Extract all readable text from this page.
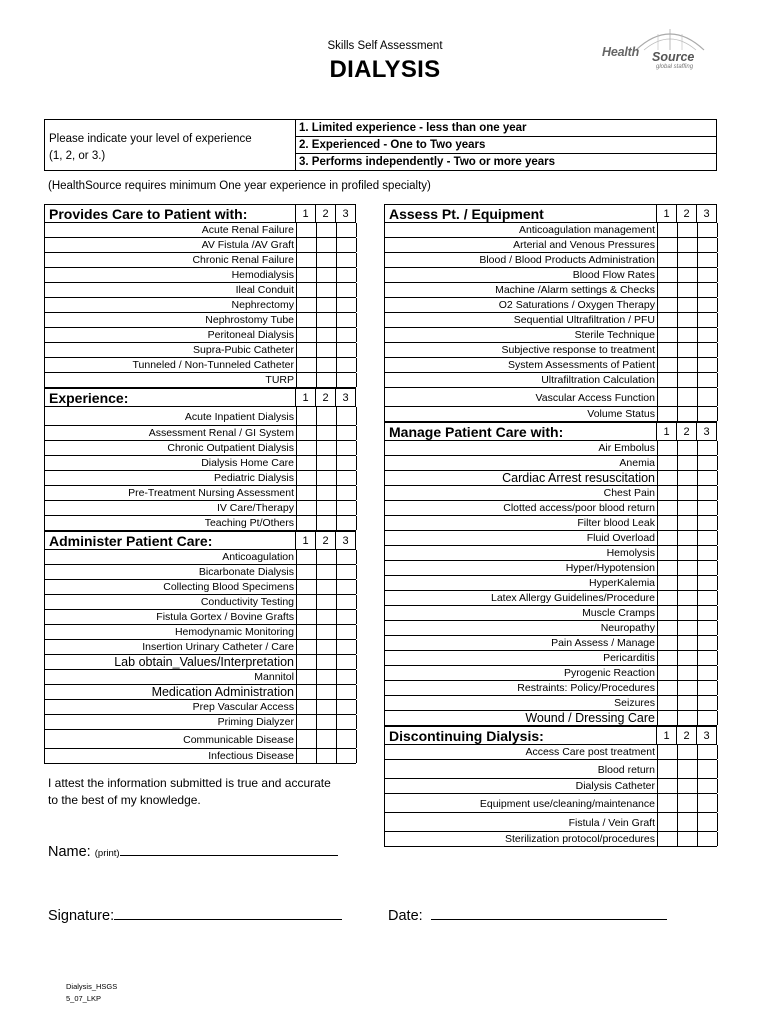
Skills Self Assessment
DIALYSIS
Health Source
global staffing
Please indicate your level of experience
(1, 2, or 3.)
1. Limited experience - less than one year
2. Experienced - One to Two years
3. Performs independently - Two or more years
(HealthSource requires minimum One year experience in profiled specialty)
Provides Care to Patient with:	1	2	3
Acute Renal Failure
AV Fistula /AV Graft
Chronic Renal Failure
Hemodialysis
Ileal Conduit
Nephrectomy
Nephrostomy Tube
Peritoneal Dialysis
Supra-Pubic Catheter
Tunneled / Non-Tunneled Catheter
TURP
Experience:	1	2	3
Acute Inpatient Dialysis
Assessment Renal / GI System
Chronic Outpatient Dialysis
Dialysis Home Care
Pediatric Dialysis
Pre-Treatment Nursing Assessment
IV Care/Therapy
Teaching Pt/Others
Administer Patient Care:	1	2	3
Anticoagulation
Bicarbonate Dialysis
Collecting Blood Specimens
Conductivity Testing
Fistula Gortex / Bovine Grafts
Hemodynamic Monitoring
Insertion Urinary Catheter / Care
Lab obtain_Values/Interpretation
Mannitol
Medication Administration
Prep Vascular Access
Priming Dialyzer
Communicable Disease
Infectious Disease
Assess Pt. / Equipment	1	2	3
Anticoagulation management
Arterial and Venous Pressures
Blood / Blood Products Administration
Blood Flow Rates
Machine /Alarm settings & Checks
O2 Saturations / Oxygen Therapy
Sequential Ultrafiltration / PFU
Sterile Technique
Subjective response to treatment
System Assessments of Patient
Ultrafiltration Calculation
Vascular Access Function
Volume Status
Manage Patient Care with:	1	2	3
Air Embolus
Anemia
Cardiac Arrest resuscitation
Chest Pain
Clotted access/poor blood return
Filter blood Leak
Fluid Overload
Hemolysis
Hyper/Hypotension
HyperKalemia
Latex Allergy Guidelines/Procedure
Muscle Cramps
Neuropathy
Pain Assess / Manage
Pericarditis
Pyrogenic Reaction
Restraints: Policy/Procedures
Seizures
Wound / Dressing Care
Discontinuing Dialysis:	1	2	3
Access Care post treatment
Blood return
Dialysis Catheter
Equipment use/cleaning/maintenance
Fistula / Vein Graft
Sterilization protocol/procedures
I attest the information submitted is true and accurate
to the best of my knowledge.
Name: (print)
Signature:	Date:
Dialysis_HSGS
5_07_LKP
